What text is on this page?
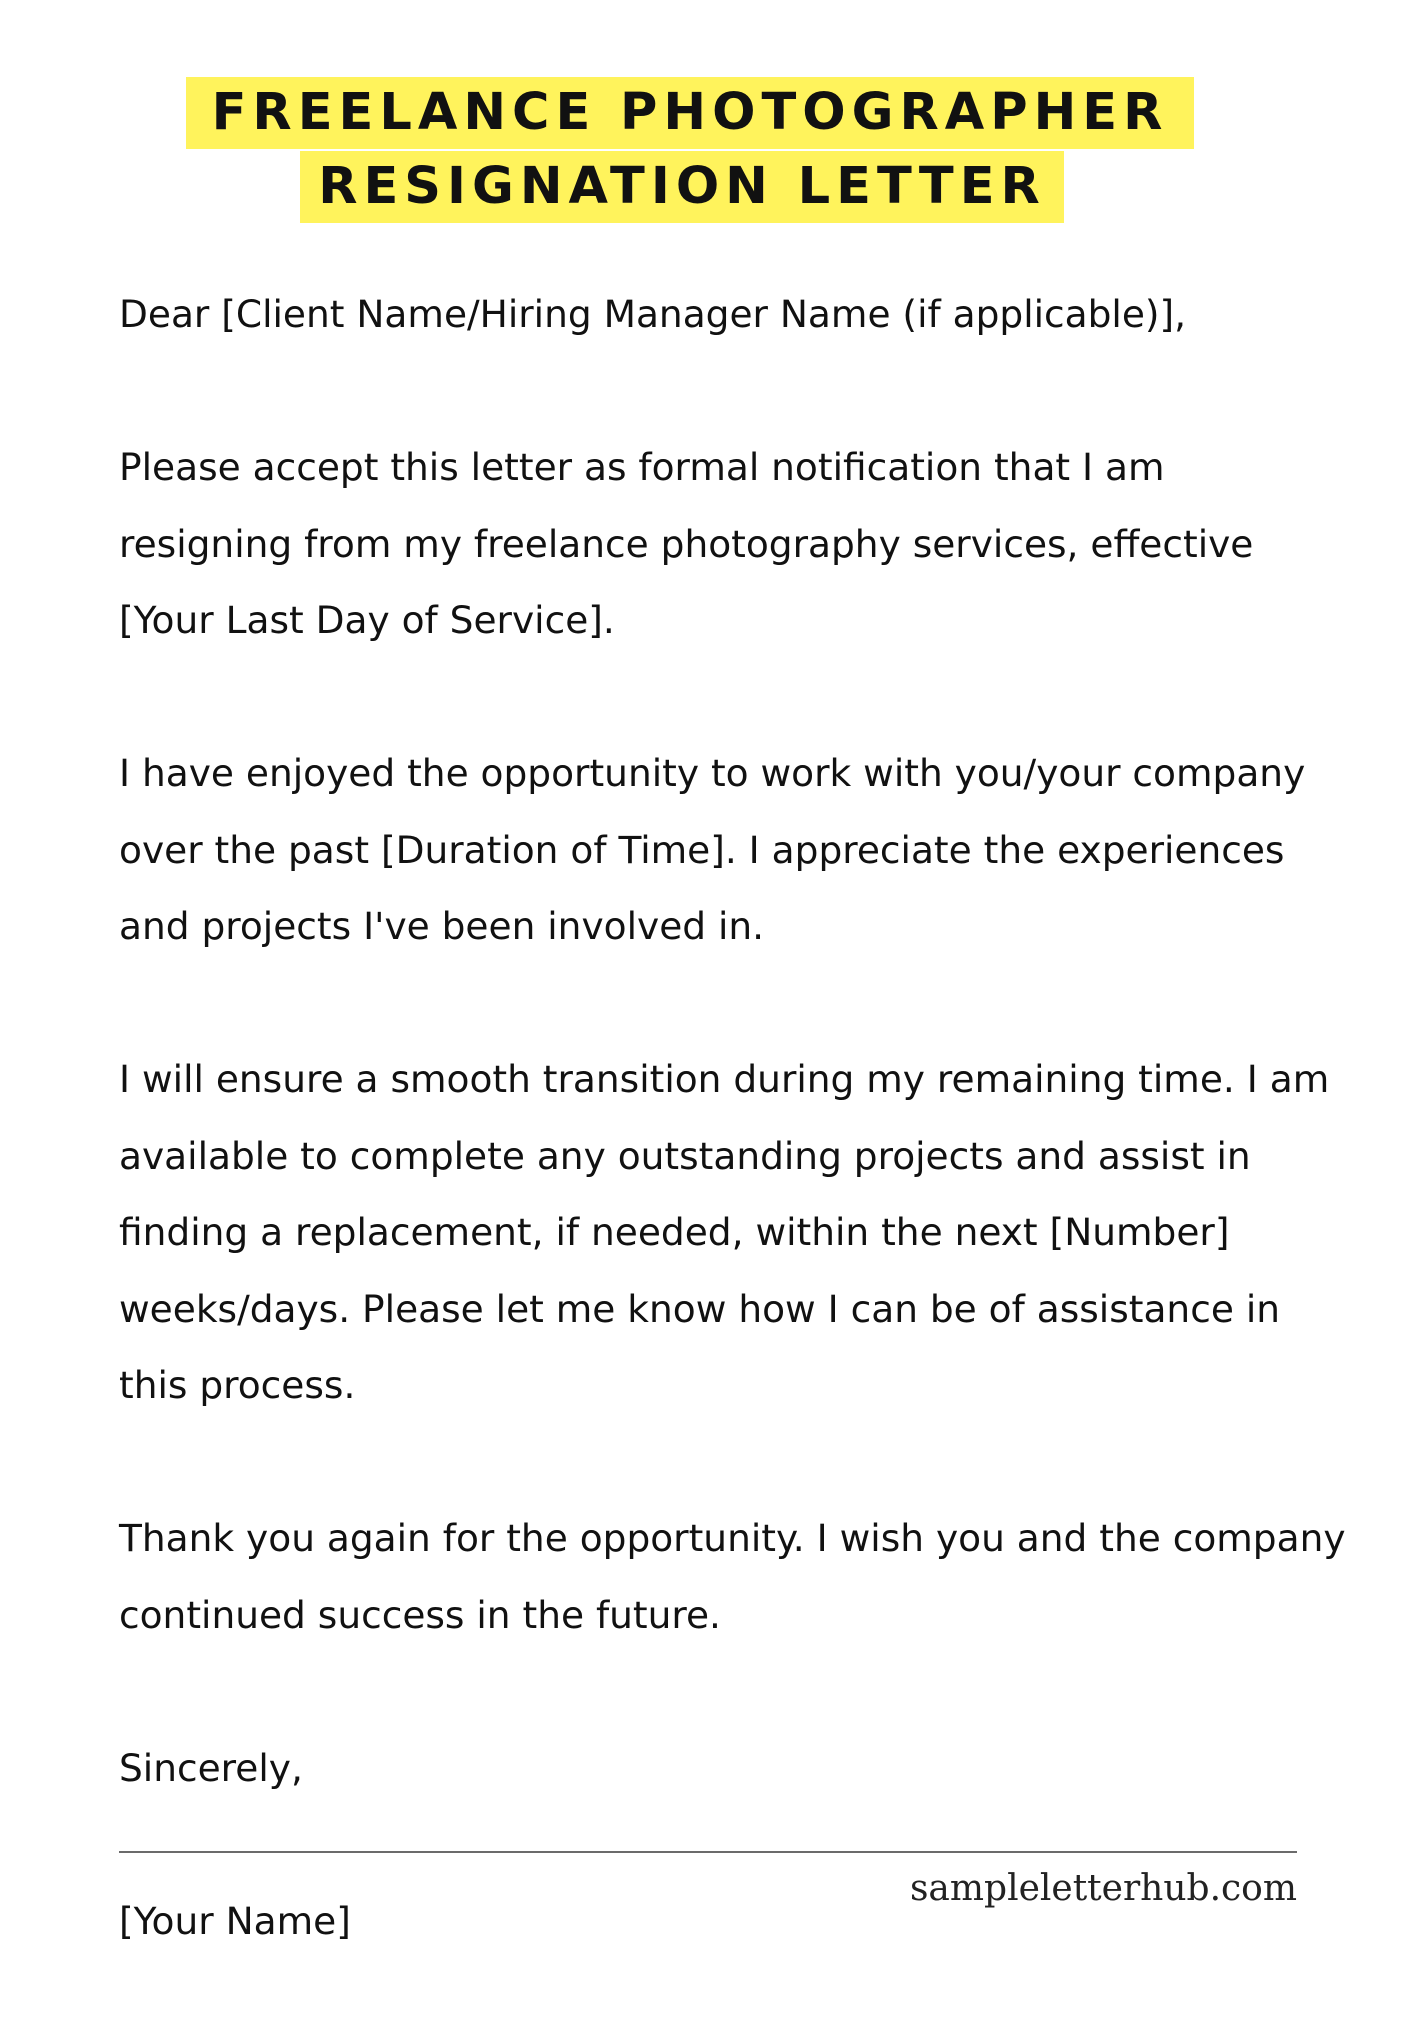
FREELANCE PHOTOGRAPHER
RESIGNATION LETTER

Dear [Client Name/Hiring Manager Name (if applicable)],

Please accept this letter as formal notification that I am resigning from my freelance photography services, effective [Your Last Day of Service].

I have enjoyed the opportunity to work with you/your company over the past [Duration of Time]. I appreciate the experiences and projects I've been involved in.

I will ensure a smooth transition during my remaining time. I am available to complete any outstanding projects and assist in finding a replacement, if needed, within the next [Number] weeks/days. Please let me know how I can be of assistance in this process.

Thank you again for the opportunity. I wish you and the company continued success in the future.

Sincerely,

[Your Name]

sampleletterhub.com
